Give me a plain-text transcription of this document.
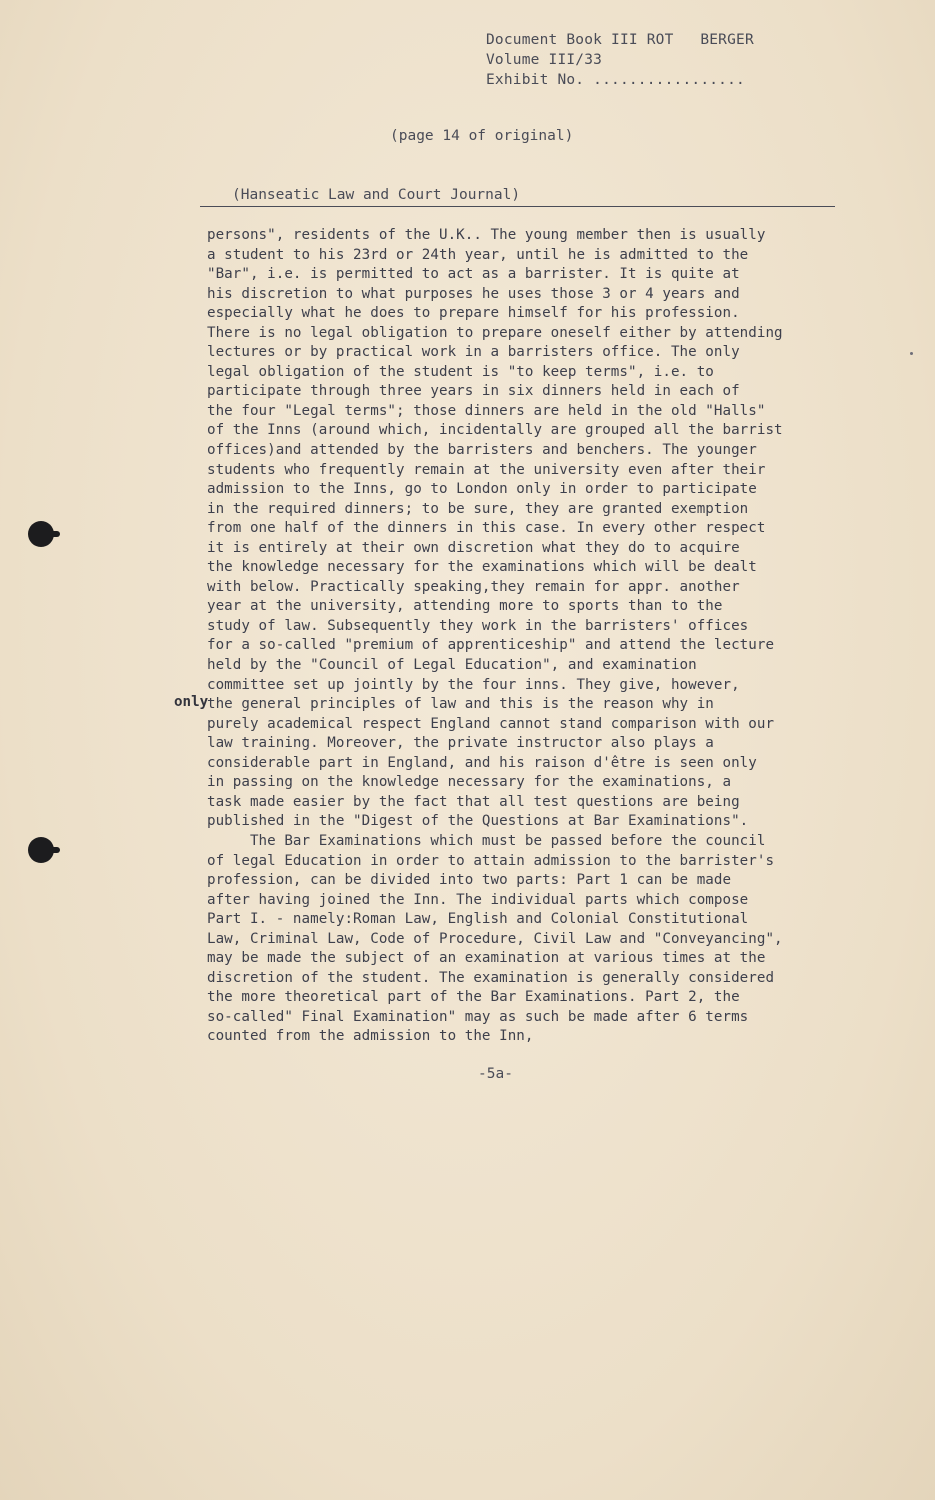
Document Book III ROT   BERGER
Volume III/33
Exhibit No. .................
(page 14 of original)
(Hanseatic Law and Court Journal)
only
persons", residents of the U.K.. The young member then is usually
a student to his 23rd or 24th year, until he is admitted to the
"Bar", i.e. is permitted to act as a barrister. It is quite at
his discretion to what purposes he uses those 3 or 4 years and
especially what he does to prepare himself for his profession.
There is no legal obligation to prepare oneself either by attending
lectures or by practical work in a barristers office. The only
legal obligation of the student is "to keep terms", i.e. to
participate through three years in six dinners held in each of
the four "Legal terms"; those dinners are held in the old "Halls"
of the Inns (around which, incidentally are grouped all the barrist
offices)and attended by the barristers and benchers. The younger
students who frequently remain at the university even after their
admission to the Inns, go to London only in order to participate
in the required dinners; to be sure, they are granted exemption
from one half of the dinners in this case. In every other respect
it is entirely at their own discretion what they do to acquire
the knowledge necessary for the examinations which will be dealt
with below. Practically speaking,they remain for appr. another
year at the university, attending more to sports than to the
study of law. Subsequently they work in the barristers' offices
for a so-called "premium of apprenticeship" and attend the lecture
held by the "Council of Legal Education", and examination
committee set up jointly by the four inns. They give, however,
the general principles of law and this is the reason why in
purely academical respect England cannot stand comparison with our
law training. Moreover, the private instructor also plays a
considerable part in England, and his raison d'être is seen only
in passing on the knowledge necessary for the examinations, a
task made easier by the fact that all test questions are being
published in the "Digest of the Questions at Bar Examinations".
The Bar Examinations which must be passed before the council
of legal Education in order to attain admission to the barrister's
profession, can be divided into two parts: Part 1 can be made
after having joined the Inn. The individual parts which compose
Part I. - namely:Roman Law, English and Colonial Constitutional
Law, Criminal Law, Code of Procedure, Civil Law and "Conveyancing",
may be made the subject of an examination at various times at the
discretion of the student. The examination is generally considered
the more theoretical part of the Bar Examinations. Part 2, the
so-called" Final Examination" may as such be made after 6 terms
counted from the admission to the Inn,
-5a-
